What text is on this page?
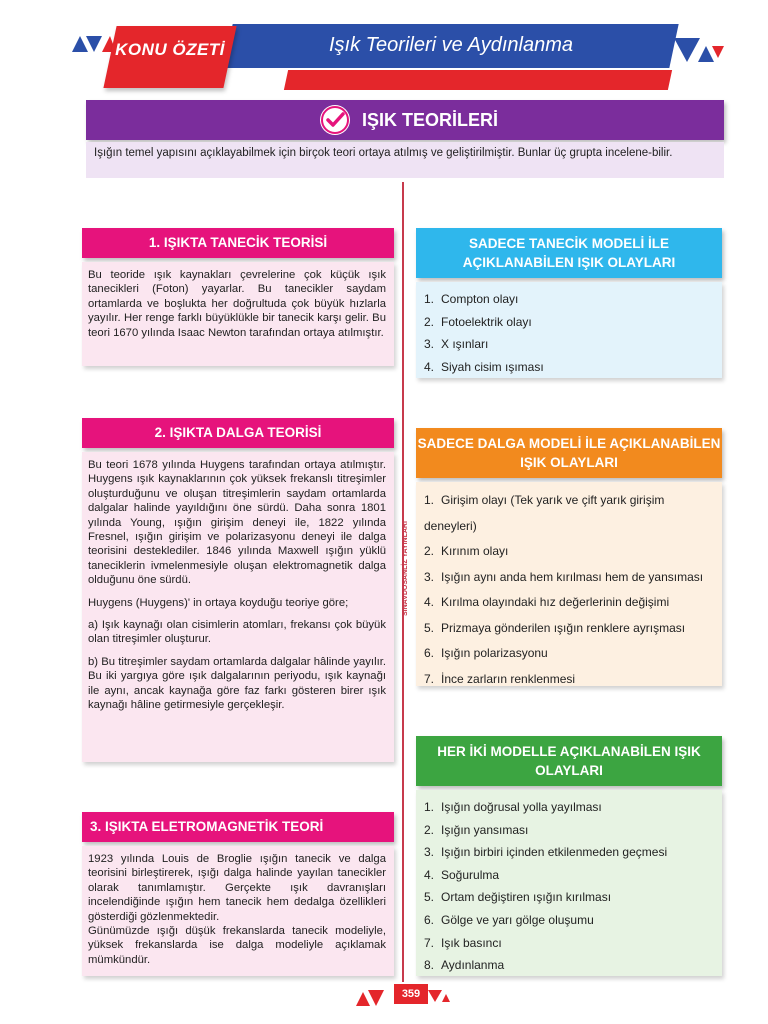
KONU ÖZETİ	Işık Teorileri ve Aydınlanma
IŞIK TEORİLERİ
Işığın temel yapısını açıklayabilmek için birçok teori ortaya atılmış ve geliştirilmiştir. Bunlar üç grupta incelene-bilir.
SINAVDOSANLİZ YAYINLARI
1. IŞIKTA TANECİK TEORİSİ
Bu teoride ışık kaynakları çevrelerine çok küçük ışık tanecikleri (Foton) yayarlar. Bu tanecikler saydam ortamlarda ve boşlukta her doğrultuda çok büyük hızlarla yayılır. Her renge farklı büyüklükle bir tanecik karşı gelir. Bu teori 1670 yılında Isaac Newton tarafından ortaya atılmıştır.
2. IŞIKTA DALGA TEORİSİ

Bu teori 1678 yılında Huygens tarafından ortaya atılmıştır. Huygens ışık kaynaklarının çok yüksek frekanslı titreşimler oluşturduğunu ve oluşan titreşimlerin saydam ortamlarda dalgalar halinde yayıldığını öne sürdü. Daha sonra 1801 yılında Young, ışığın girişim deneyi ile, 1822 yılında Fresnel, ışığın girişim ve polarizasyonu deneyi ile dalga teorisini desteklediler. 1846 yılında Maxwell ışığın yüklü taneciklerin ivmelenmesiyle oluşan elektromagnetik dalga olduğunu öne sürdü.

Huygens (Huygens)' in ortaya koyduğu teoriye göre;

a) Işık kaynağı olan cisimlerin atomları, frekansı çok büyük olan titreşimler oluşturur.

b) Bu titreşimler saydam ortamlarda dalgalar hâlinde yayılır. Bu iki yargıya göre ışık dalgalarının periyodu, ışık kaynağı ile aynı, ancak kaynağa göre faz farkı gösteren birer ışık kaynağı hâline getirmesiyle gerçekleşir.

3. IŞIKTA ELETROMAGNETİK TEORİ
1923 yılında Louis de Broglie ışığın tanecik ve dalga teorisini birleştirerek, ışığı dalga halinde yayılan tanecikler olarak tanımlamıştır. Gerçekte ışık davranışları incelendiğinde ışığın hem tanecik hem dedalga özellikleri gösterdiği gözlenmektedir.
Günümüzde ışığı düşük frekanslarda tanecik modeliyle, yüksek frekanslarda ise dalga modeliyle açıklamak mümkündür.
SADECE TANECİK MODELİ İLE AÇIKLANABİLEN IŞIK OLAYLARI
1. Compton olayı
2. Fotoelektrik olayı
3. X ışınları
4. Siyah cisim ışıması
SADECE DALGA MODELİ İLE AÇIKLANABİLEN IŞIK OLAYLARI
1. Girişim olayı (Tek yarık ve çift yarık girişim deneyleri)
2. Kırınım olayı
3. Işığın aynı anda hem kırılması hem de yansıması
4. Kırılma olayındaki hız değerlerinin değişimi
5. Prizmaya gönderilen ışığın renklere ayrışması
6. Işığın polarizasyonu
7. İnce zarların renklenmesi
HER İKİ MODELLE AÇIKLANABİLEN IŞIK OLAYLARI
1. Işığın doğrusal yolla yayılması
2. Işığın yansıması
3. Işığın birbiri içinden etkilenmeden geçmesi
4. Soğurulma
5. Ortam değiştiren ışığın kırılması
6. Gölge ve yarı gölge oluşumu
7. Işık basıncı
8. Aydınlanma
359
